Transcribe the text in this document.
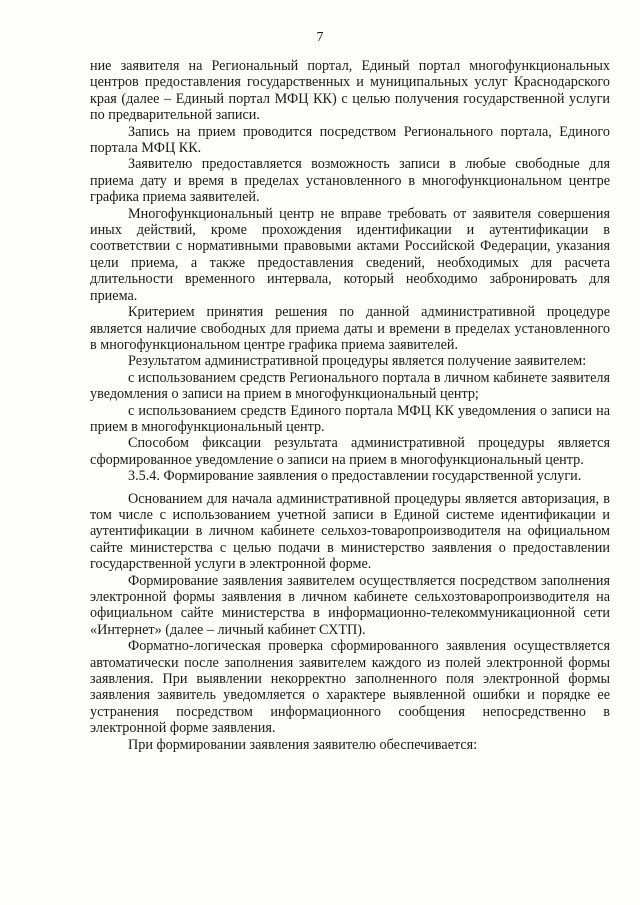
7

ние заявителя на Региональный портал, Единый портал многофункциональных центров предоставления государственных и муниципальных услуг Краснодарского края (далее – Единый портал МФЦ КК) с целью получения государственной услуги по предварительной записи.

Запись на прием проводится посредством Регионального портала, Единого портала МФЦ КК.

Заявителю предоставляется возможность записи в любые свободные для приема дату и время в пределах установленного в многофункциональном центре графика приема заявителей.

Многофункциональный центр не вправе требовать от заявителя совершения иных действий, кроме прохождения идентификации и аутентификации в соответствии с нормативными правовыми актами Российской Федерации, указания цели приема, а также предоставления сведений, необходимых для расчета длительности временного интервала, который необходимо забронировать для приема.

Критерием принятия решения по данной административной процедуре является наличие свободных для приема даты и времени в пределах установленного в многофункциональном центре графика приема заявителей.

Результатом административной процедуры является получение заявителем:

с использованием средств Регионального портала в личном кабинете заявителя уведомления о записи на прием в многофункциональный центр;

с использованием средств Единого портала МФЦ КК уведомления о записи на прием в многофункциональный центр.

Способом фиксации результата административной процедуры является сформированное уведомление о записи на прием в многофункциональный центр.

3.5.4. Формирование заявления о предоставлении государственной услуги.

Основанием для начала административной процедуры является авторизация, в том числе с использованием учетной записи в Единой системе идентификации и аутентификации в личном кабинете сельхоз-товаропроизводителя на официальном сайте министерства с целью подачи в министерство заявления о предоставлении государственной услуги в электронной форме.

Формирование заявления заявителем осуществляется посредством заполнения электронной формы заявления в личном кабинете сельхозтоваропроизводителя на официальном сайте министерства в информационно-телекоммуникационной сети «Интернет» (далее – личный кабинет СХТП).

Форматно-логическая проверка сформированного заявления осуществляется автоматически после заполнения заявителем каждого из полей электронной формы заявления. При выявлении некорректно заполненного поля электронной формы заявления заявитель уведомляется о характере выявленной ошибки и порядке ее устранения посредством информационного сообщения непосредственно в электронной форме заявления.

При формировании заявления заявителю обеспечивается:
